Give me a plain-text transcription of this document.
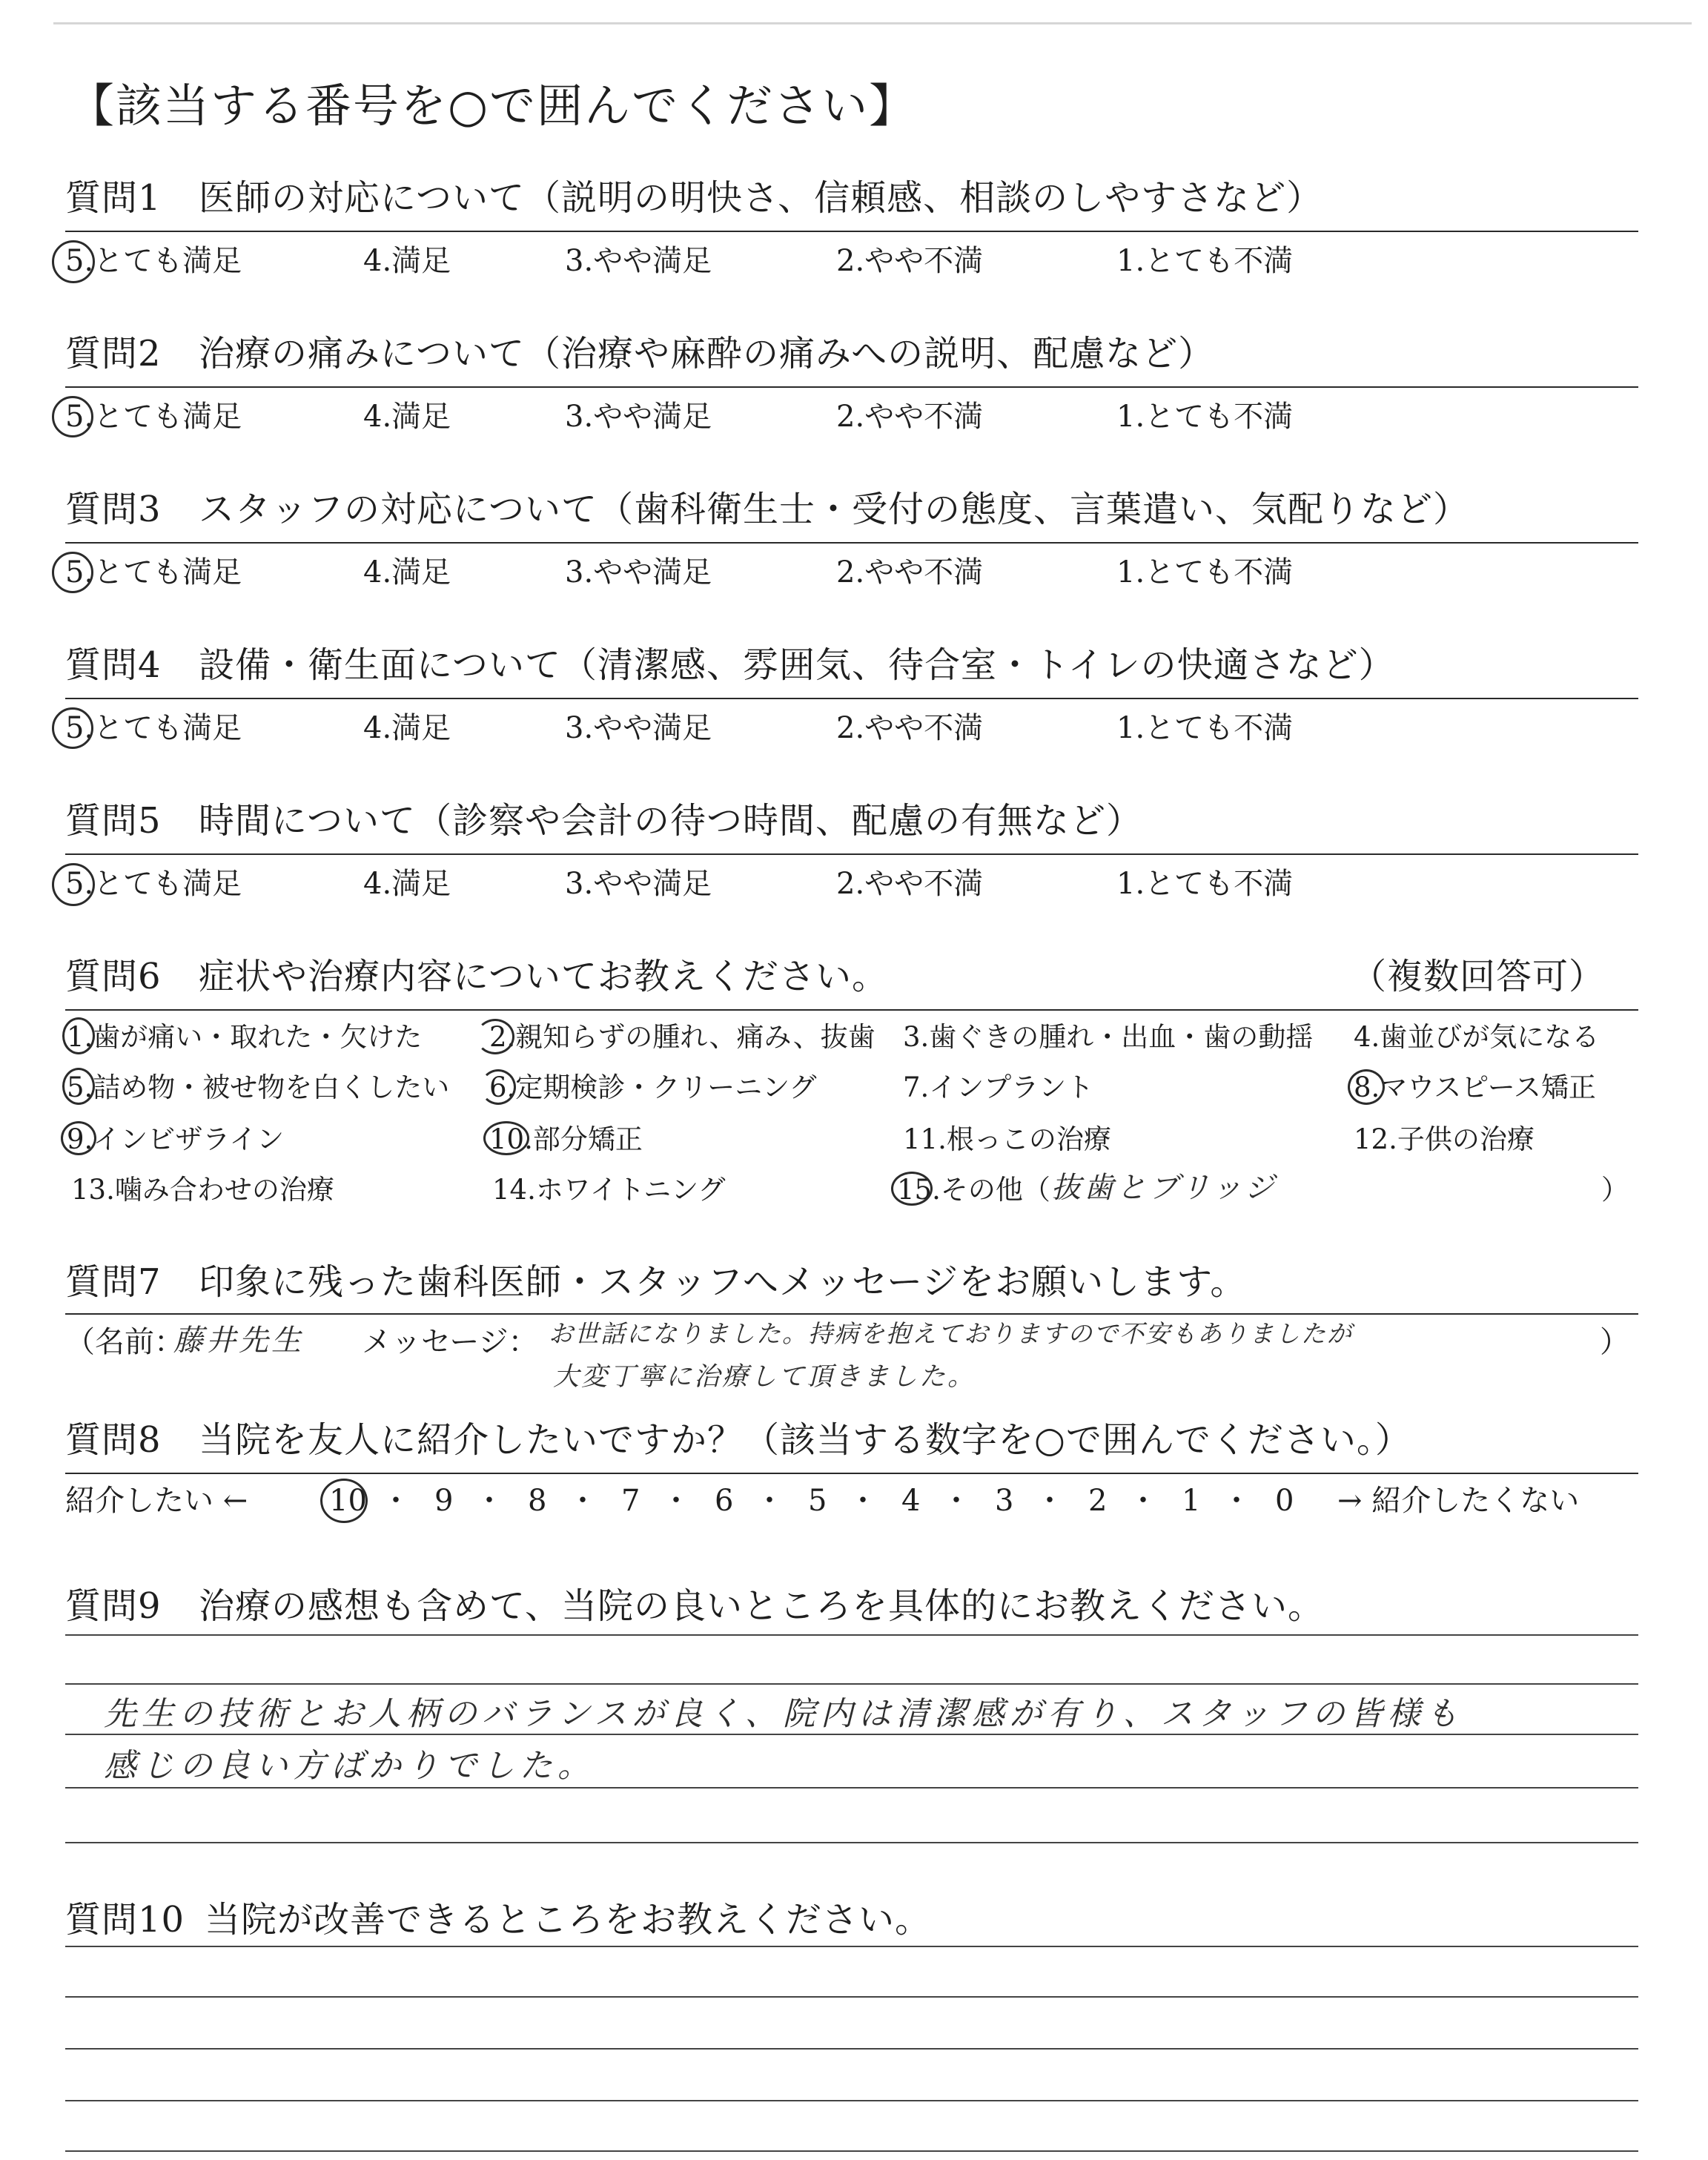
【該当する番号を○で囲んでください】
質問1 医師の対応について（説明の明快さ、信頼感、相談のしやすさなど）
5.とても満足	4.満足	3.やや満足	2.やや不満	1.とても不満
質問2 治療の痛みについて（治療や麻酔の痛みへの説明、配慮など）
5.とても満足	4.満足	3.やや満足	2.やや不満	1.とても不満
質問3 スタッフの対応について（歯科衛生士・受付の態度、言葉遣い、気配りなど）
5.とても満足	4.満足	3.やや満足	2.やや不満	1.とても不満
質問4 設備・衛生面について（清潔感、雰囲気、待合室・トイレの快適さなど）
5.とても満足	4.満足	3.やや満足	2.やや不満	1.とても不満
質問5 時間について（診察や会計の待つ時間、配慮の有無など）
5.とても満足	4.満足	3.やや満足	2.やや不満	1.とても不満
質問6 症状や治療内容についてお教えください。	（複数回答可）
1.歯が痛い・取れた・欠けた 2.親知らずの腫れ、痛み、抜歯 3.歯ぐきの腫れ・出血・歯の動揺 4.歯並びが気になる
5.詰め物・被せ物を白くしたい 6.定期検診・クリーニング	7.インプラント	8.マウスピース矯正
9.インビザライン	10.部分矯正	11.根っこの治療	12.子供の治療
13.噛み合わせの治療	14.ホワイトニング	15.その他（ 抜歯とブリッジ	）
質問7 印象に残った歯科医師・スタッフへメッセージをお願いします。
（名前：
藤井先生 メッセージ： お世話になりました。持病を抱えておりますので不安もありましたが	）
大変丁寧に治療して頂きました。
質問8 当院を友人に紹介したいですか？（該当する数字を○で囲んでください。）
紹介したい ←	→ 紹介したくない
10 ・ 9 ・ 8 ・ 7 ・ 6 ・ 5 ・ 4 ・ 3 ・ 2 ・ 1 ・ 0
質問9 治療の感想も含めて、当院の良いところを具体的にお教えください。
先生の技術とお人柄のバランスが良く、院内は清潔感が有り、スタッフの皆様も
感じの良い方ばかりでした。
質問10 当院が改善できるところをお教えください。
